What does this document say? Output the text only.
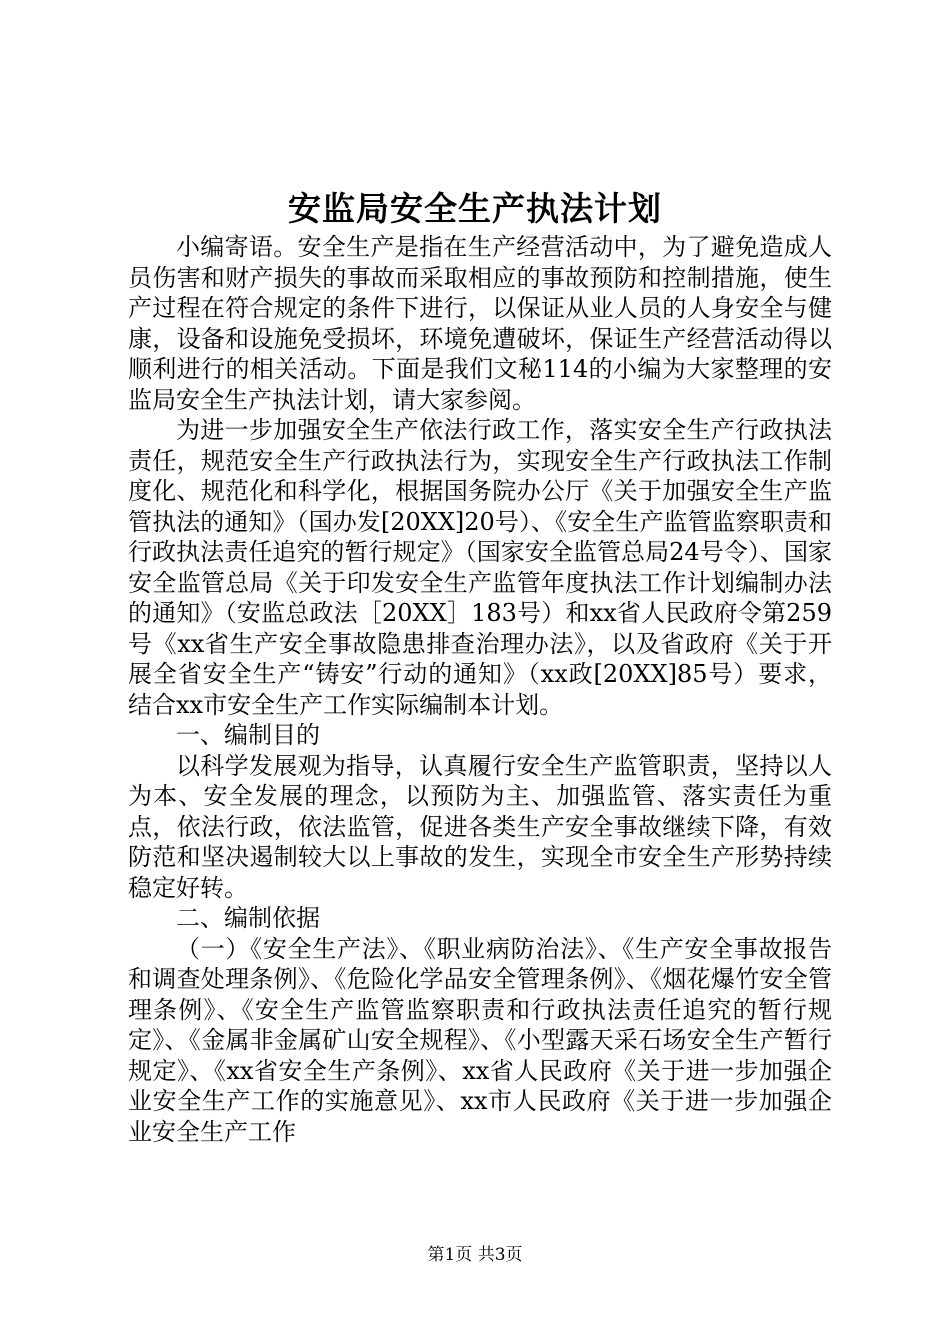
安监局安全生产执法计划

小编寄语。安全生产是指在生产经营活动中，为了避免造成人员伤害和财产损失的事故而采取相应的事故预防和控制措施，使生产过程在符合规定的条件下进行，以保证从业人员的人身安全与健康，设备和设施免受损坏，环境免遭破坏，保证生产经营活动得以顺利进行的相关活动。下面是我们文秘114的小编为大家整理的安监局安全生产执法计划，请大家参阅。

为进一步加强安全生产依法行政工作，落实安全生产行政执法责任，规范安全生产行政执法行为，实现安全生产行政执法工作制度化、规范化和科学化，根据国务院办公厅《关于加强安全生产监管执法的通知》（国办发[20XX]20号）、《安全生产监管监察职责和行政执法责任追究的暂行规定》（国家安全监管总局24号令）、国家安全监管总局《关于印发安全生产监管年度执法工作计划编制办法的通知》（安监总政法［20XX］183号）和xx省人民政府令第259号《xx省生产安全事故隐患排查治理办法》，以及省政府《关于开展全省安全生产“铸安”行动的通知》（xx政[20XX]85号）要求，结合xx市安全生产工作实际编制本计划。

一、编制目的

以科学发展观为指导，认真履行安全生产监管职责，坚持以人为本、安全发展的理念，以预防为主、加强监管、落实责任为重点，依法行政，依法监管，促进各类生产安全事故继续下降，有效防范和坚决遏制较大以上事故的发生，实现全市安全生产形势持续稳定好转。

二、编制依据

（一）《安全生产法》、《职业病防治法》、《生产安全事故报告和调查处理条例》、《危险化学品安全管理条例》、《烟花爆竹安全管理条例》、《安全生产监管监察职责和行政执法责任追究的暂行规定》、《金属非金属矿山安全规程》、《小型露天采石场安全生产暂行规定》、《xx省安全生产条例》、xx省人民政府《关于进一步加强企业安全生产工作的实施意见》、xx市人民政府《关于进一步加强企业安全生产工作

第1页 共3页
